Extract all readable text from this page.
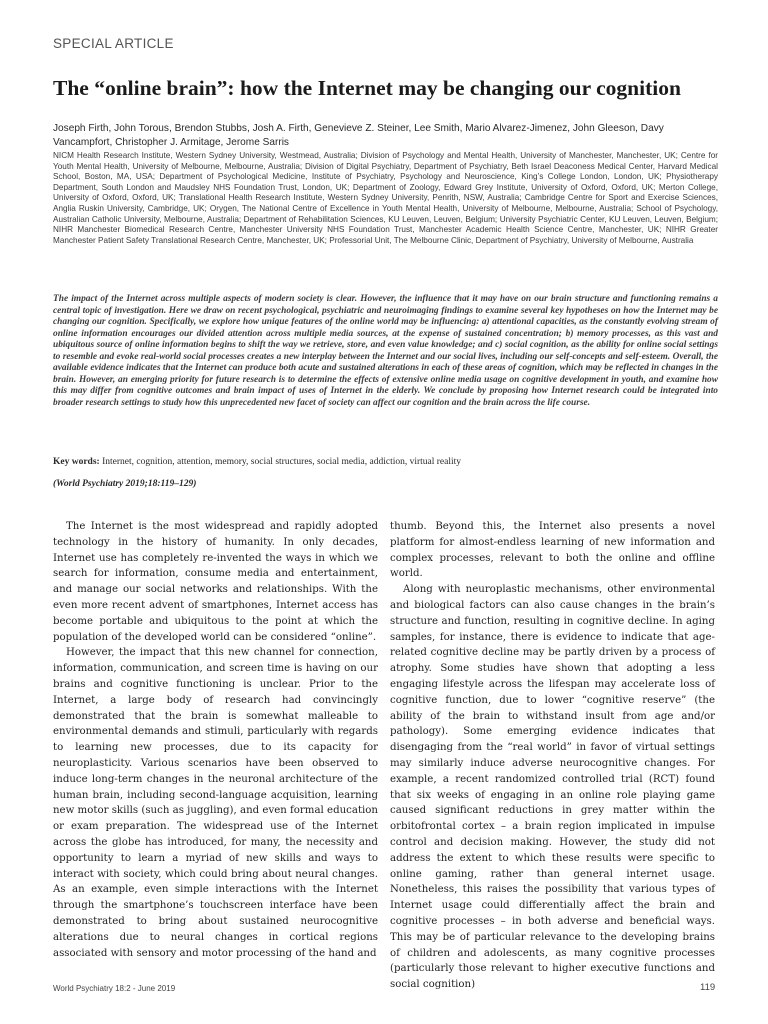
SPECIAL ARTICLE

The “online brain”: how the Internet may be changing our cognition

Joseph Firth, John Torous, Brendon Stubbs, Josh A. Firth, Genevieve Z. Steiner, Lee Smith, Mario Alvarez-Jimenez, John Gleeson, Davy Vancampfort, Christopher J. Armitage, Jerome Sarris

NICM Health Research Institute, Western Sydney University, Westmead, Australia; Division of Psychology and Mental Health, University of Manchester, Manchester, UK; Centre for Youth Mental Health, University of Melbourne, Melbourne, Australia; Division of Digital Psychiatry, Department of Psychiatry, Beth Israel Deaconess Medical Center, Harvard Medical School, Boston, MA, USA; Department of Psychological Medicine, Institute of Psychiatry, Psychology and Neuroscience, King’s College London, London, UK; Physiotherapy Department, South London and Maudsley NHS Foundation Trust, London, UK; Department of Zoology, Edward Grey Institute, University of Oxford, Oxford, UK; Merton College, University of Oxford, Oxford, UK; Translational Health Research Institute, Western Sydney University, Penrith, NSW, Australia; Cambridge Centre for Sport and Exercise Sciences, Anglia Ruskin University, Cambridge, UK; Orygen, The National Centre of Excellence in Youth Mental Health, University of Melbourne, Melbourne, Australia; School of Psychology, Australian Catholic University, Melbourne, Australia; Department of Rehabilitation Sciences, KU Leuven, Leuven, Belgium; University Psychiatric Center, KU Leuven, Leuven, Belgium; NIHR Manchester Biomedical Research Centre, Manchester University NHS Foundation Trust, Manchester Academic Health Science Centre, Manchester, UK; NIHR Greater Manchester Patient Safety Translational Research Centre, Manchester, UK; Professorial Unit, The Melbourne Clinic, Department of Psychiatry, University of Melbourne, Australia

The impact of the Internet across multiple aspects of modern society is clear. However, the influence that it may have on our brain structure and functioning remains a central topic of investigation. Here we draw on recent psychological, psychiatric and neuroimaging findings to examine several key hypotheses on how the Internet may be changing our cognition. Specifically, we explore how unique features of the online world may be influencing: a) attentional capacities, as the constantly evolving stream of online information encourages our divided attention across multiple media sources, at the expense of sustained concentration; b) memory processes, as this vast and ubiquitous source of online information begins to shift the way we retrieve, store, and even value knowledge; and c) social cognition, as the ability for online social settings to resemble and evoke real-world social processes creates a new interplay between the Internet and our social lives, including our self-concepts and self-esteem. Overall, the available evidence indicates that the Internet can produce both acute and sustained alterations in each of these areas of cognition, which may be reflected in changes in the brain. However, an emerging priority for future research is to determine the effects of extensive online media usage on cognitive development in youth, and examine how this may differ from cognitive outcomes and brain impact of uses of Internet in the elderly. We conclude by proposing how Internet research could be integrated into broader research settings to study how this unprecedented new facet of society can affect our cognition and the brain across the life course.

Key words: Internet, cognition, attention, memory, social structures, social media, addiction, virtual reality

(World Psychiatry 2019;18:119–129)

The Internet is the most widespread and rapidly adopted technology in the history of humanity. In only decades, Internet use has completely re-invented the ways in which we search for information, consume media and entertainment, and manage our social networks and relationships. With the even more recent advent of smartphones, Internet access has become portable and ubiquitous to the point at which the population of the developed world can be considered “online”.

However, the impact that this new channel for connection, information, communication, and screen time is having on our brains and cognitive functioning is unclear. Prior to the Internet, a large body of research had convincingly demonstrated that the brain is somewhat malleable to environmental demands and stimuli, particularly with regards to learning new processes, due to its capacity for neuroplasticity. Various scenarios have been observed to induce long-term changes in the neuronal architecture of the human brain, including second-language acquisition, learning new motor skills (such as juggling), and even formal education or exam preparation. The widespread use of the Internet across the globe has introduced, for many, the necessity and opportunity to learn a myriad of new skills and ways to interact with society, which could bring about neural changes. As an example, even simple interactions with the Internet through the smartphone’s touchscreen interface have been demonstrated to bring about sustained neurocognitive alterations due to neural changes in cortical regions associated with sensory and motor processing of the hand and

thumb. Beyond this, the Internet also presents a novel platform for almost-endless learning of new information and complex processes, relevant to both the online and offline world.

Along with neuroplastic mechanisms, other environmental and biological factors can also cause changes in the brain’s structure and function, resulting in cognitive decline. In aging samples, for instance, there is evidence to indicate that age-related cognitive decline may be partly driven by a process of atrophy. Some studies have shown that adopting a less engaging lifestyle across the lifespan may accelerate loss of cognitive function, due to lower “cognitive reserve” (the ability of the brain to withstand insult from age and/or pathology). Some emerging evidence indicates that disengaging from the “real world” in favor of virtual settings may similarly induce adverse neurocognitive changes. For example, a recent randomized controlled trial (RCT) found that six weeks of engaging in an online role playing game caused significant reductions in grey matter within the orbitofrontal cortex – a brain region implicated in impulse control and decision making. However, the study did not address the extent to which these results were specific to online gaming, rather than general internet usage. Nonetheless, this raises the possibility that various types of Internet usage could differentially affect the brain and cognitive processes – in both adverse and beneficial ways. This may be of particular relevance to the developing brains of children and adolescents, as many cognitive processes (particularly those relevant to higher executive functions and social cognition)

World Psychiatry 18:2 - June 2019	119
